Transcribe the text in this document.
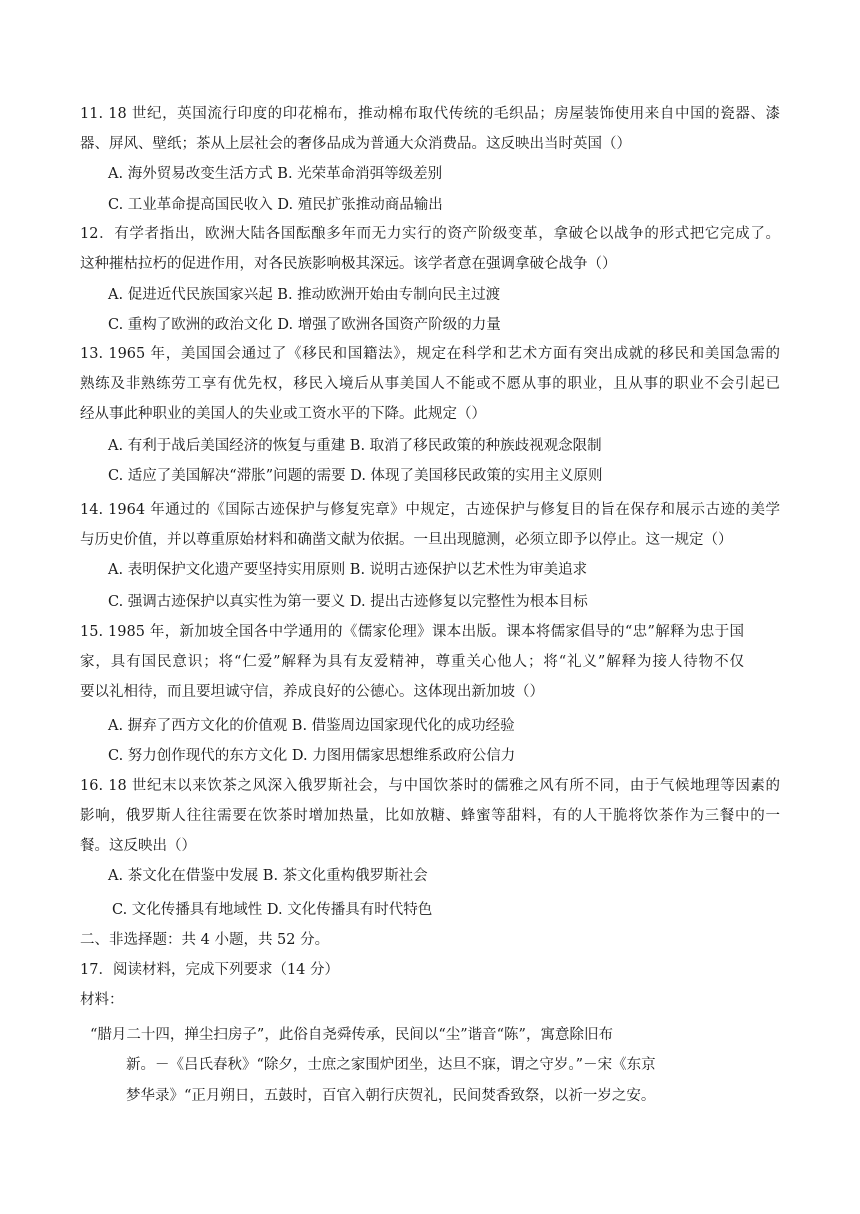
11. 18 世纪，英国流行印度的印花棉布，推动棉布取代传统的毛织品；房屋装饰使用来自中国的瓷器、漆
器、屏风、壁纸；茶从上层社会的奢侈品成为普通大众消费品。这反映出当时英国（）
A. 海外贸易改变生活方式 B. 光荣革命消弭等级差别
C. 工业革命提高国民收入 D. 殖民扩张推动商品输出
12．有学者指出，欧洲大陆各国酝酿多年而无力实行的资产阶级变革，拿破仑以战争的形式把它完成了。
这种摧枯拉朽的促进作用，对各民族影响极其深远。该学者意在强调拿破仑战争（）
A. 促进近代民族国家兴起 B. 推动欧洲开始由专制向民主过渡
C. 重构了欧洲的政治文化 D. 增强了欧洲各国资产阶级的力量
13. 1965 年，美国国会通过了《移民和国籍法》，规定在科学和艺术方面有突出成就的移民和美国急需的
熟练及非熟练劳工享有优先权，移民入境后从事美国人不能或不愿从事的职业，且从事的职业不会引起已
经从事此种职业的美国人的失业或工资水平的下降。此规定（）
A. 有利于战后美国经济的恢复与重建 B. 取消了移民政策的种族歧视观念限制
C. 适应了美国解决“滞胀”问题的需要 D. 体现了美国移民政策的实用主义原则
14. 1964 年通过的《国际古迹保护与修复宪章》中规定，古迹保护与修复目的旨在保存和展示古迹的美学
与历史价值，并以尊重原始材料和确凿文献为依据。一旦出现臆测，必须立即予以停止。这一规定（）
A. 表明保护文化遗产要坚持实用原则 B. 说明古迹保护以艺术性为审美追求
C. 强调古迹保护以真实性为第一要义 D. 提出古迹修复以完整性为根本目标
15. 1985 年，新加坡全国各中学通用的《儒家伦理》课本出版。课本将儒家倡导的“忠”解释为忠于国
家，具有国民意识；将“仁爱”解释为具有友爱精神，尊重关心他人；将“礼义”解释为接人待物不仅
要以礼相待，而且要坦诚守信，养成良好的公德心。这体现出新加坡（）
A. 摒弃了西方文化的价值观 B. 借鉴周边国家现代化的成功经验
C. 努力创作现代的东方文化 D. 力图用儒家思想维系政府公信力
16. 18 世纪末以来饮茶之风深入俄罗斯社会，与中国饮茶时的儒雅之风有所不同，由于气候地理等因素的
影响，俄罗斯人往往需要在饮茶时增加热量，比如放糖、蜂蜜等甜料，有的人干脆将饮茶作为三餐中的一
餐。这反映出（）
A. 茶文化在借鉴中发展 B. 茶文化重构俄罗斯社会
C. 文化传播具有地域性 D. 文化传播具有时代特色
二、非选择题：共 4 小题，共 52 分。
17．阅读材料，完成下列要求（14 分）
材料：
“腊月二十四，掸尘扫房子”，此俗自尧舜传承，民间以“尘”谐音“陈”，寓意除旧布
新。－《吕氏春秋》“除夕，士庶之家围炉团坐，达旦不寐，谓之守岁。”－宋《东京
梦华录》“正月朔日，五鼓时，百官入朝行庆贺礼，民间焚香致祭，以祈一岁之安。
